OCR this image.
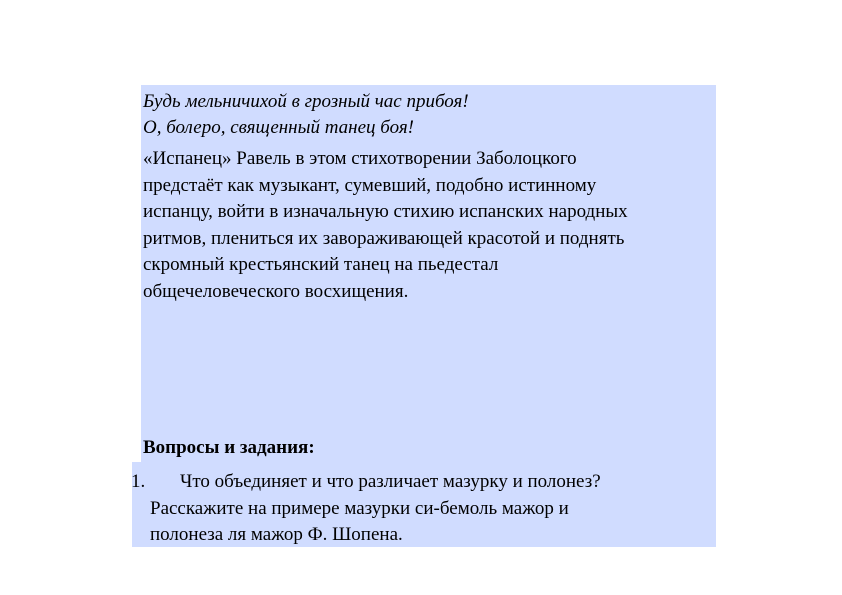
Будь мельничихой в грозный час прибоя!
О, болеро, священный танец боя!
«Испанец» Равель в этом стихотворении Заболоцкого
предстаёт как музыкант, сумевший, подобно истинному
испанцу, войти в изначальную стихию испанских народных
ритмов, плениться их завораживающей красотой и поднять
скромный крестьянский танец на пьедестал
общечеловеческого восхищения.
Вопросы и задания:
1.	Что объединяет и что различает мазурку и полонез?
Расскажите на примере мазурки си-бемоль мажор и
полонеза ля мажор Ф. Шопена.
